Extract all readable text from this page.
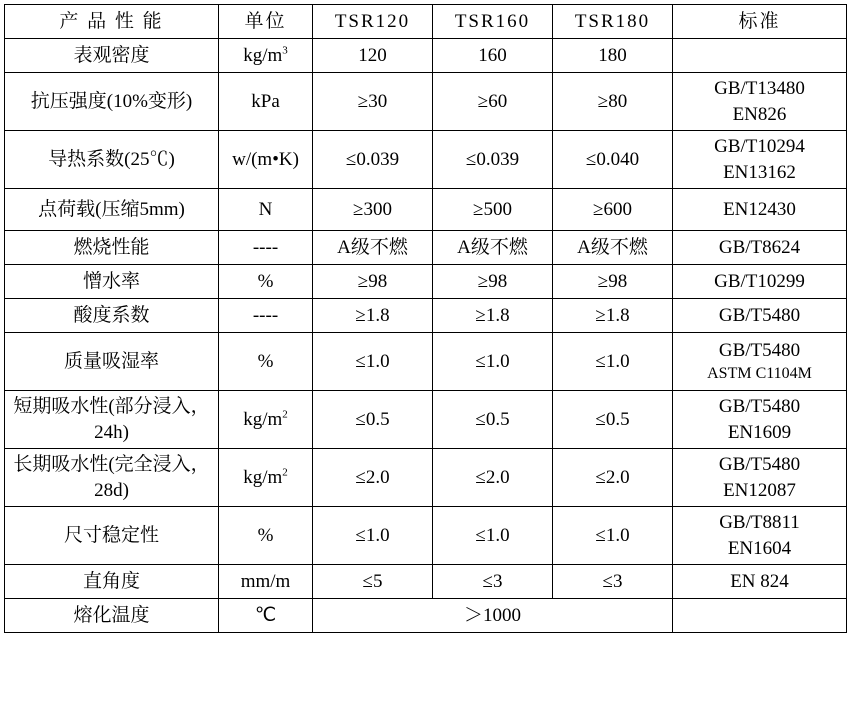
产 品 性 能	单位	TSR120	TSR160	TSR180	标准
表观密度	$kg/m^3$	120	160	180	
抗压强度(10%变形)	kPa	≥30	≥60	≥80	GB/T13480
EN826

导热系数(25℃)	w/(m•K)	≤0.039	≤0.039	≤0.040	GB/T10294
EN13162

点荷载(压缩5mm)	N	≥300	≥500	≥600	EN12430
燃烧性能	----	A级不燃	A级不燃	A级不燃	GB/T8624
憎水率	%	≥98	≥98	≥98	GB/T10299
酸度系数	----	≥1.8	≥1.8	≥1.8	GB/T5480
质量吸湿率	%	≤1.0	≤1.0	≤1.0	GB/T5480
ASTM C1104M

短期吸水性(部分浸入，24h)	$kg/m^2$	≤0.5	≤0.5	≤0.5	GB/T5480
EN1609

长期吸水性(完全浸入，28d)	$kg/m^2$	≤2.0	≤2.0	≤2.0	GB/T5480
EN12087

尺寸稳定性	%	≤1.0	≤1.0	≤1.0	GB/T8811
EN1604

直角度	mm/m	≤5	≤3	≤3	EN 824
熔化温度	℃	＞1000			
